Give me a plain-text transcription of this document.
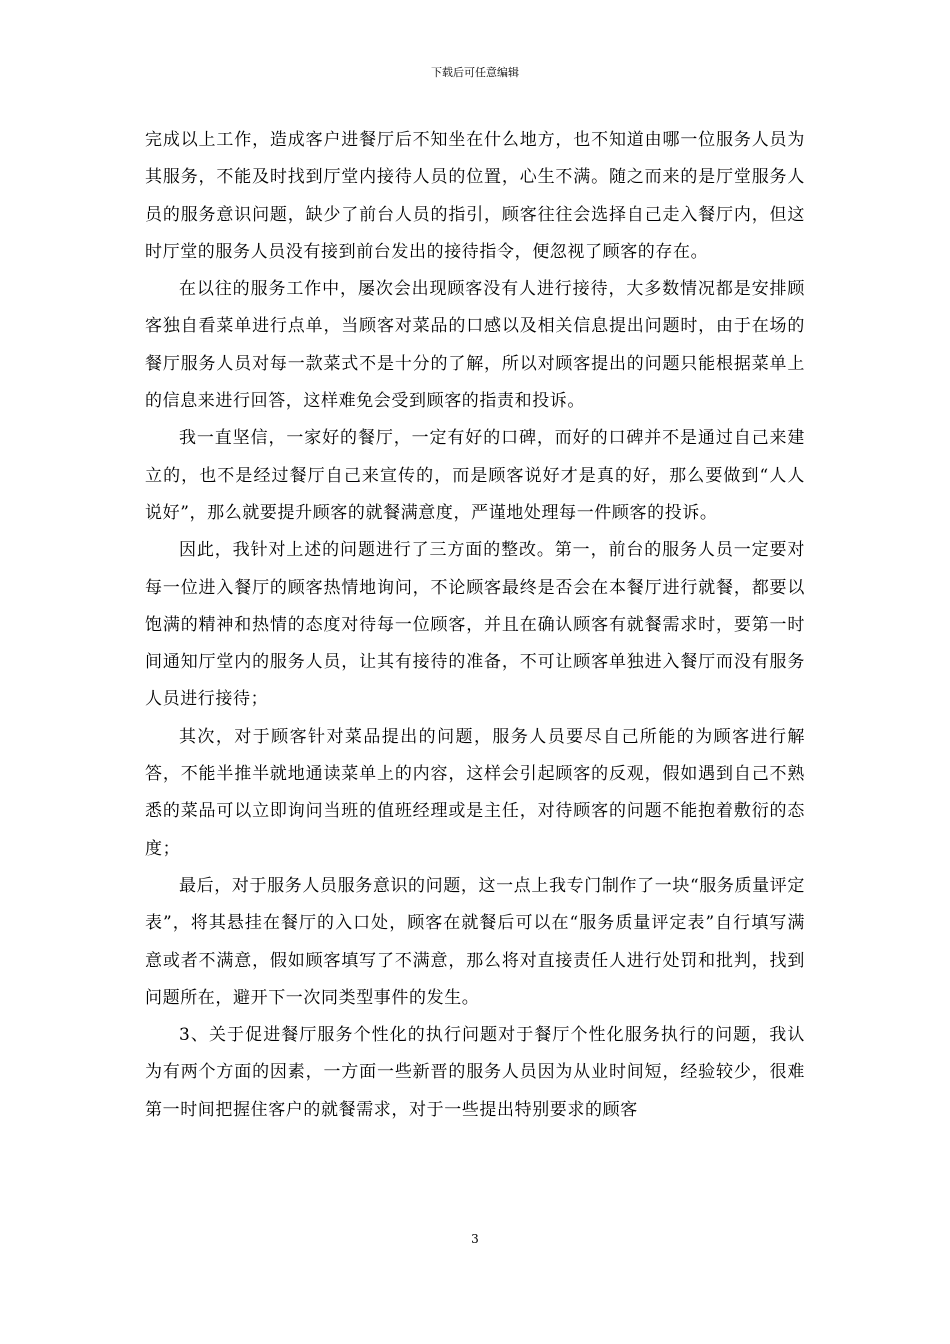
下载后可任意编辑

完成以上工作，造成客户进餐厅后不知坐在什么地方，也不知道由哪一位服务人员为其服务，不能及时找到厅堂内接待人员的位置，心生不满。随之而来的是厅堂服务人员的服务意识问题，缺少了前台人员的指引，顾客往往会选择自己走入餐厅内，但这时厅堂的服务人员没有接到前台发出的接待指令，便忽视了顾客的存在。

在以往的服务工作中，屡次会出现顾客没有人进行接待，大多数情况都是安排顾客独自看菜单进行点单，当顾客对菜品的口感以及相关信息提出问题时，由于在场的餐厅服务人员对每一款菜式不是十分的了解，所以对顾客提出的问题只能根据菜单上的信息来进行回答，这样难免会受到顾客的指责和投诉。

我一直坚信，一家好的餐厅，一定有好的口碑，而好的口碑并不是通过自己来建立的，也不是经过餐厅自己来宣传的，而是顾客说好才是真的好，那么要做到“人人说好”，那么就要提升顾客的就餐满意度，严谨地处理每一件顾客的投诉。

因此，我针对上述的问题进行了三方面的整改。第一，前台的服务人员一定要对每一位进入餐厅的顾客热情地询问，不论顾客最终是否会在本餐厅进行就餐，都要以饱满的精神和热情的态度对待每一位顾客，并且在确认顾客有就餐需求时，要第一时间通知厅堂内的服务人员，让其有接待的准备，不可让顾客单独进入餐厅而没有服务人员进行接待；

其次，对于顾客针对菜品提出的问题，服务人员要尽自己所能的为顾客进行解答，不能半推半就地通读菜单上的内容，这样会引起顾客的反观，假如遇到自己不熟悉的菜品可以立即询问当班的值班经理或是主任，对待顾客的问题不能抱着敷衍的态度；

最后，对于服务人员服务意识的问题，这一点上我专门制作了一块“服务质量评定表”，将其悬挂在餐厅的入口处，顾客在就餐后可以在“服务质量评定表”自行填写满意或者不满意，假如顾客填写了不满意，那么将对直接责任人进行处罚和批判，找到问题所在，避开下一次同类型事件的发生。

3、关于促进餐厅服务个性化的执行问题对于餐厅个性化服务执行的问题，我认为有两个方面的因素，一方面一些新晋的服务人员因为从业时间短，经验较少，很难第一时间把握住客户的就餐需求，对于一些提出特别要求的顾客

3
